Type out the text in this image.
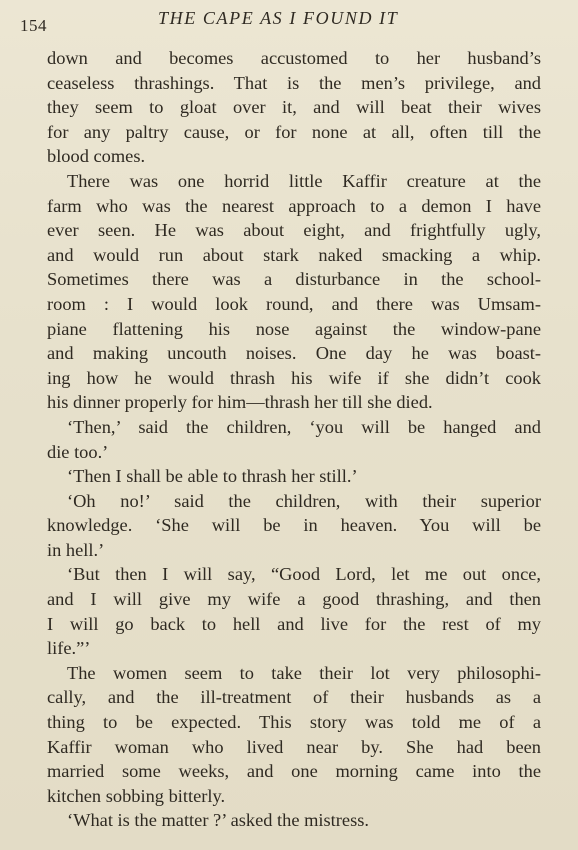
154	THE CAPE AS I FOUND IT
down and becomes accustomed to her husband’s
ceaseless thrashings. That is the men’s privilege, and
they seem to gloat over it, and will beat their wives
for any paltry cause, or for none at all, often till the
blood comes.
There was one horrid little Kaffir creature at the
farm who was the nearest approach to a demon I have
ever seen. He was about eight, and frightfully ugly,
and would run about stark naked smacking a whip.
Sometimes there was a disturbance in the school-
room : I would look round, and there was Umsam-
piane flattening his nose against the window-pane
and making uncouth noises. One day he was boast-
ing how he would thrash his wife if she didn’t cook
his dinner properly for him—thrash her till she died.
‘Then,’ said the children, ‘you will be hanged and
die too.’
‘Then I shall be able to thrash her still.’
‘Oh no!’ said the children, with their superior
knowledge. ‘She will be in heaven. You will be
in hell.’
‘But then I will say, “Good Lord, let me out once,
and I will give my wife a good thrashing, and then
I will go back to hell and live for the rest of my
life.”’
The women seem to take their lot very philosophi-
cally, and the ill-treatment of their husbands as a
thing to be expected. This story was told me of a
Kaffir woman who lived near by. She had been
married some weeks, and one morning came into the
kitchen sobbing bitterly.
‘What is the matter ?’ asked the mistress.
